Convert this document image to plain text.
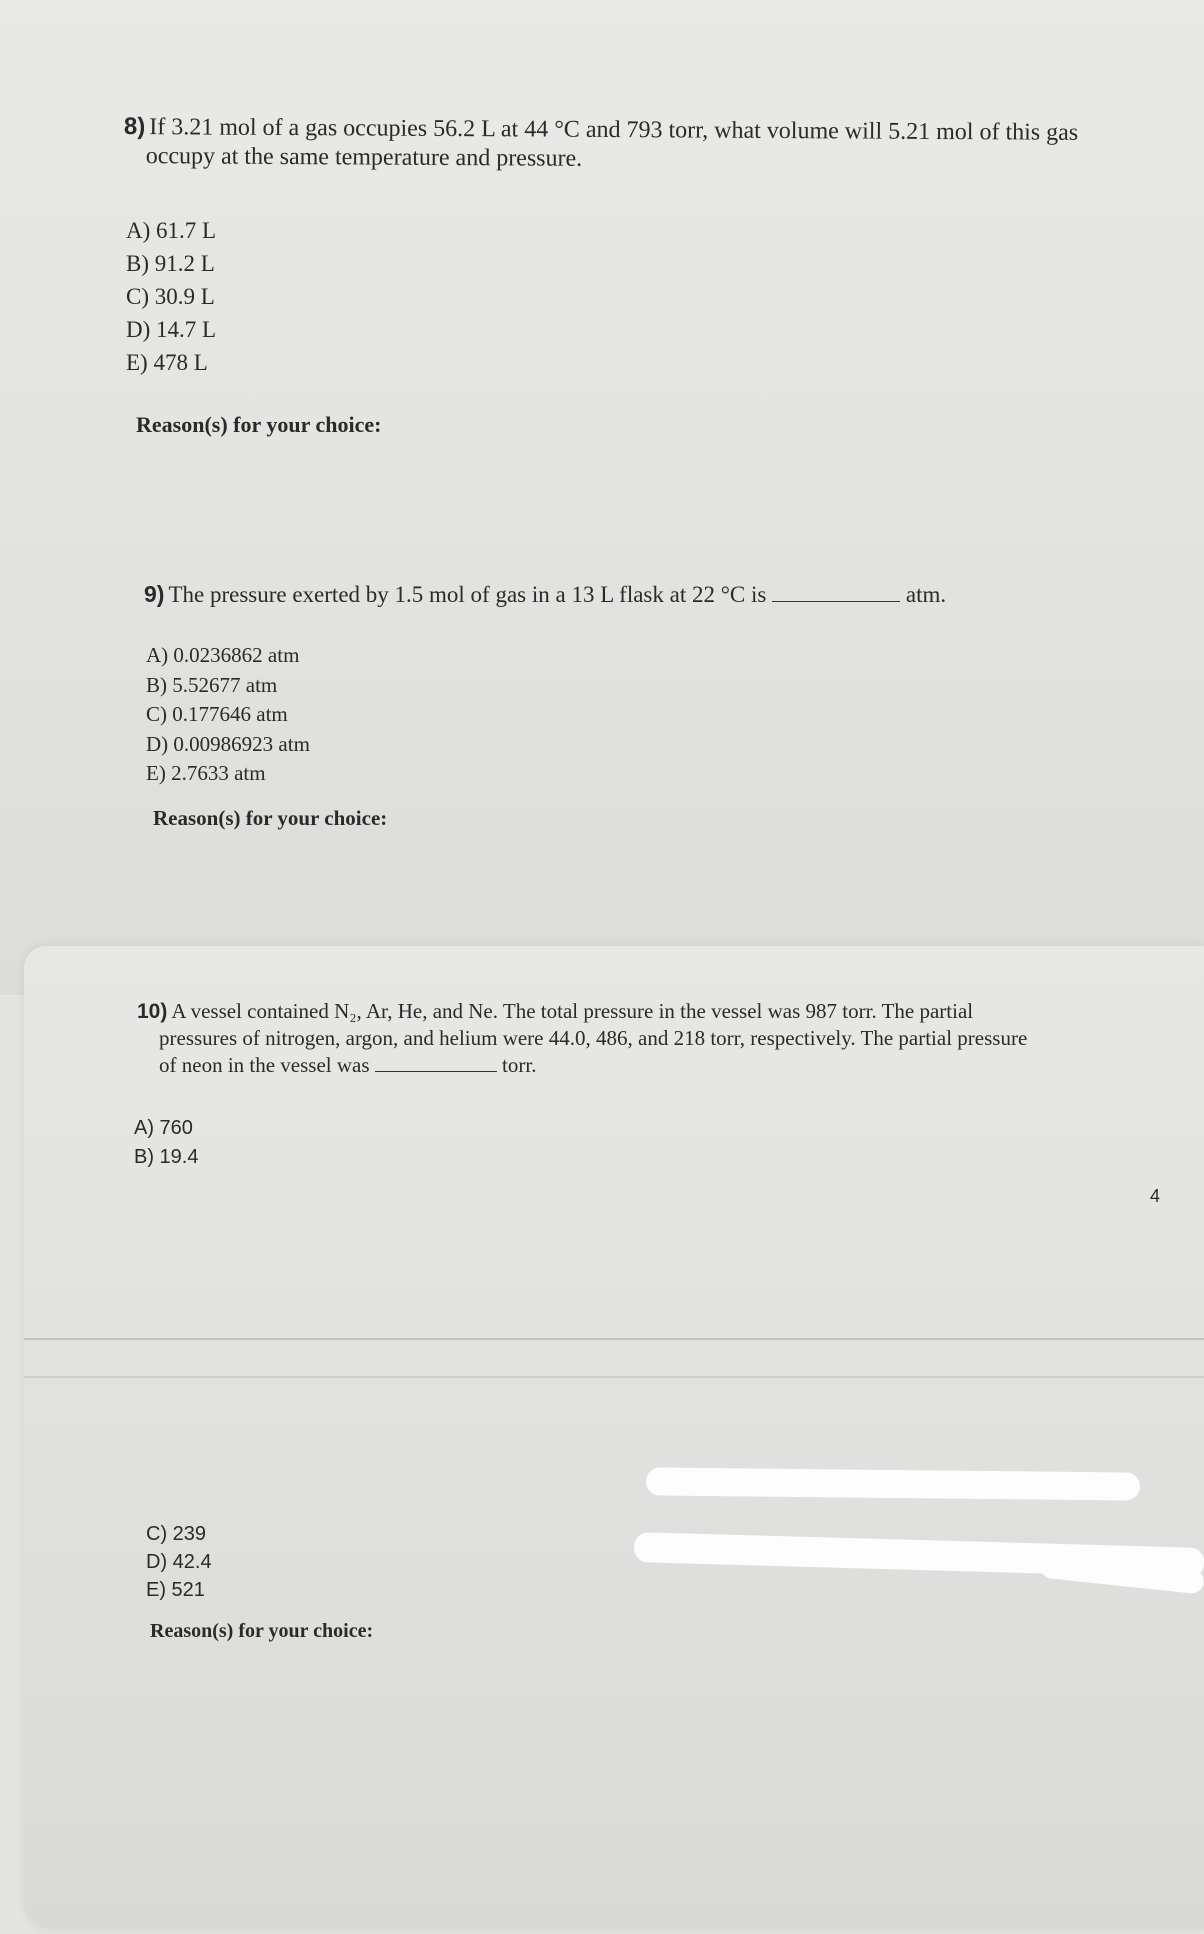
8) If 3.21 mol of a gas occupies 56.2 L at 44 °C and 793 torr, what volume will 5.21 mol of this gas
occupy at the same temperature and pressure.
A) 61.7 L
B) 91.2 L
C) 30.9 L
D) 14.7 L
E) 478 L
Reason(s) for your choice:
9) The pressure exerted by 1.5 mol of gas in a 13 L flask at 22 °C is	atm.
A) 0.0236862 atm
B) 5.52677 atm
C) 0.177646 atm
D) 0.00986923 atm
E) 2.7633 atm
Reason(s) for your choice:
10) A vessel contained N₂, Ar, He, and Ne. The total pressure in the vessel was 987 torr. The partial
pressures of nitrogen, argon, and helium were 44.0, 486, and 218 torr, respectively. The partial pressure
of neon in the vessel was	torr.
A) 760
B) 19.4
4
C) 239
D) 42.4
E) 521
Reason(s) for your choice:
